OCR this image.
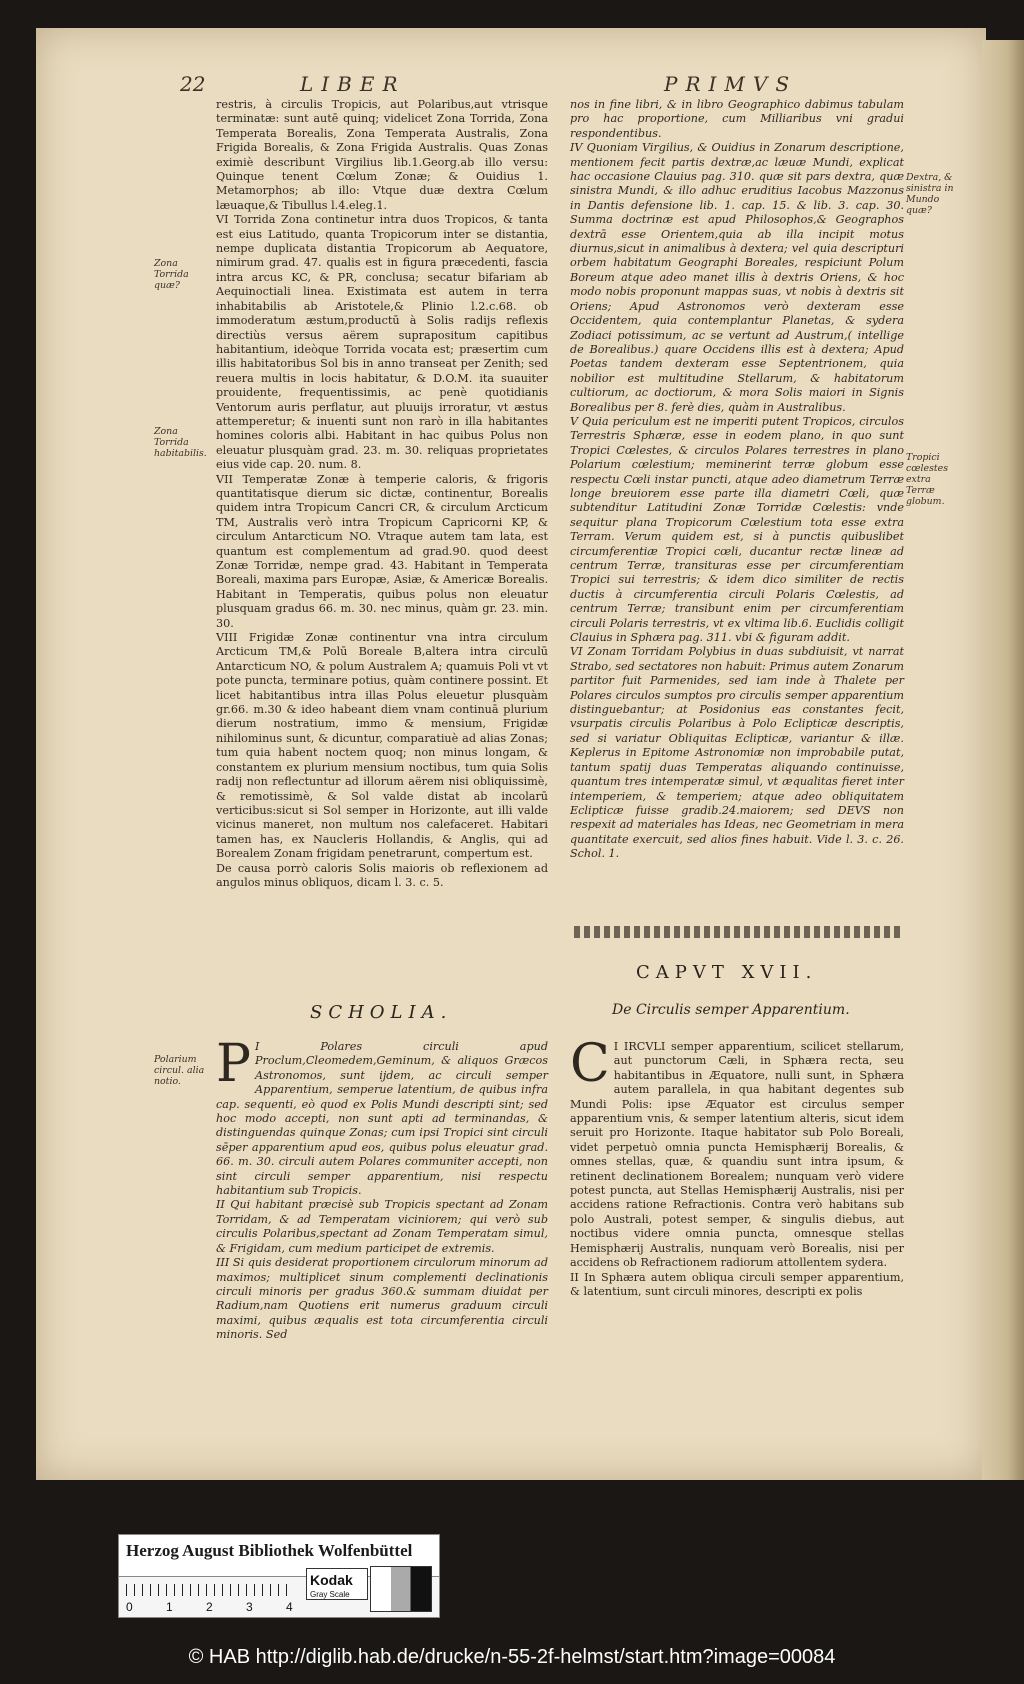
22	LIBER	PRIMVS

restris, à circulis Tropicis, aut Polaribus,aut vtrisque terminatæ: sunt autē quinq; videlicet Zona Torrida, Zona Temperata Borealis, Zona Temperata Australis, Zona Frigida Borealis, & Zona Frigida Australis. Quas Zonas eximiè describunt Virgilius lib.1.Georg.ab illo versu: Quinque tenent Cœlum Zonæ; & Ouidius 1. Metamorphos; ab illo: Vtque duæ dextra Cœlum læuaque,& Tibullus l.4.eleg.1.

VI Torrida Zona continetur intra duos Tropicos, & tanta est eius Latitudo, quanta Tropicorum inter se distantia, nempe duplicata distantia Tropicorum ab Aequatore, nimirum grad. 47. qualis est in figura præcedenti, fascia intra arcus KC, & PR, conclusa; secatur bifariam ab Aequinoctiali linea. Existimata est autem in terra inhabitabilis ab Aristotele,& Plinio l.2.c.68. ob immoderatum æstum,productū à Solis radijs reflexis directiùs versus aërem suprapositum capitibus habitantium, ideòque Torrida vocata est; præsertim cum illis habitatoribus Sol bis in anno transeat per Zenith; sed reuera multis in locis habitatur, & D.O.M. ita suauiter prouidente, frequentissimis, ac penè quotidianis Ventorum auris perflatur, aut pluuijs irroratur, vt æstus attemperetur; & inuenti sunt non rarò in illa habitantes homines coloris albi. Habitant in hac quibus Polus non eleuatur plusquàm grad. 23. m. 30. reliquas proprietates eius vide cap. 20. num. 8.

VII Temperatæ Zonæ à temperie caloris, & frigoris quantitatisque dierum sic dictæ, continentur, Borealis quidem intra Tropicum Cancri CR, & circulum Arcticum TM, Australis verò intra Tropicum Capricorni KP, & circulum Antarcticum NO. Vtraque autem tam lata, est quantum est complementum ad grad.90. quod deest Zonæ Torridæ, nempe grad. 43. Habitant in Temperata Boreali, maxima pars Europæ, Asiæ, & Americæ Borealis. Habitant in Temperatis, quibus polus non eleuatur plusquam gradus 66. m. 30. nec minus, quàm gr. 23. min. 30.

VIII Frigidæ Zonæ continentur vna intra circulum Arcticum TM,& Polū Boreale B,altera intra circulū Antarcticum NO, & polum Australem A; quamuis Poli vt vt pote puncta, terminare potius, quàm continere possint. Et licet habitantibus intra illas Polus eleuetur plusquàm gr.66. m.30 & ideo habeant diem vnam continuā plurium dierum nostratium, immo & mensium, Frigidæ nihilominus sunt, & dicuntur, comparatiuè ad alias Zonas; tum quia habent noctem quoq; non minus longam, & constantem ex plurium mensium noctibus, tum quia Solis radij non reflectuntur ad illorum aërem nisi obliquissimè, & remotissimè, & Sol valde distat ab incolarū verticibus:sicut si Sol semper in Horizonte, aut illi valde vicinus maneret, non multum nos calefaceret. Habitari tamen has, ex Naucleris Hollandis, & Anglis, qui ad Borealem Zonam frigidam penetrarunt, compertum est.

De causa porrò caloris Solis maioris ob reflexionem ad angulos minus obliquos, dicam l. 3. c. 5.

Zona Torrida quæ?
Zona Torrida habitabilis.
Polarium circul. alia notio.
SCHOLIA.
P I Polares circuli apud Proclum,Cleomedem,Geminum, & aliquos Græcos Astronomos, sunt ijdem, ac circuli semper Apparentium, semperue latentium, de quibus infra cap. sequenti, eò quod ex Polis Mundi descripti sint; sed hoc modo accepti, non sunt apti ad terminandas, & distinguendas quinque Zonas; cum ipsi Tropici sint circuli sēper apparentium apud eos, quibus polus eleuatur grad. 66. m. 30. circuli autem Polares communiter accepti, non sint circuli semper apparentium, nisi respectu habitantium sub Tropicis.
II Qui habitant præcisè sub Tropicis spectant ad Zonam Torridam, & ad Temperatam viciniorem; qui verò sub circulis Polaribus,spectant ad Zonam Temperatam simul, & Frigidam, cum medium participet de extremis.
III Si quis desiderat proportionem circulorum minorum ad maximos; multiplicet sinum complementi declinationis circuli minoris per gradus 360.& summam diuidat per Radium,nam Quotiens erit numerus graduum circuli maximi, quibus æqualis est tota circumferentia circuli minoris. Sed

nos in fine libri, & in libro Geographico dabimus tabulam pro hac proportione, cum Milliaribus vni gradui respondentibus.

IV Quoniam Virgilius, & Ouidius in Zonarum descriptione, mentionem fecit partis dextræ,ac læuæ Mundi, explicat hac occasione Clauius pag. 310. quæ sit pars dextra, quæ sinistra Mundi, & illo adhuc eruditius Iacobus Mazzonus in Dantis defensione lib. 1. cap. 15. & lib. 3. cap. 30. Summa doctrinæ est apud Philosophos,& Geographos dextrā esse Orientem,quia ab illa incipit motus diurnus,sicut in animalibus à dextera; vel quia descripturi orbem habitatum Geographi Boreales, respiciunt Polum Boreum atque adeo manet illis à dextris Oriens, & hoc modo nobis proponunt mappas suas, vt nobis à dextris sit Oriens; Apud Astronomos verò dexteram esse Occidentem, quia contemplantur Planetas, & sydera Zodiaci potissimum, ac se vertunt ad Austrum,( intellige de Borealibus.) quare Occidens illis est à dextera; Apud Poetas tandem dexteram esse Septentrionem, quia nobilior est multitudine Stellarum, & habitatorum cultiorum, ac doctiorum, & mora Solis maiori in Signis Borealibus per 8. ferè dies, quàm in Australibus.

V Quia periculum est ne imperiti putent Tropicos, circulos Terrestris Sphæræ, esse in eodem plano, in quo sunt Tropici Cœlestes, & circulos Polares terrestres in plano Polarium cœlestium; meminerint terræ globum esse respectu Cœli instar puncti, atque adeo diametrum Terræ longe breuiorem esse parte illa diametri Cœli, quæ subtenditur Latitudini Zonæ Torridæ Cœlestis: vnde sequitur plana Tropicorum Cœlestium tota esse extra Terram. Verum quidem est, si à punctis quibuslibet circumferentiæ Tropici cœli, ducantur rectæ lineæ ad centrum Terræ, transituras esse per circumferentiam Tropici sui terrestris; & idem dico similiter de rectis ductis à circumferentia circuli Polaris Cœlestis, ad centrum Terræ; transibunt enim per circumferentiam circuli Polaris terrestris, vt ex vltima lib.6. Euclidis colligit Clauius in Sphæra pag. 311. vbi & figuram addit.

VI Zonam Torridam Polybius in duas subdiuisit, vt narrat Strabo, sed sectatores non habuit: Primus autem Zonarum partitor fuit Parmenides, sed iam inde à Thalete per Polares circulos sumptos pro circulis semper apparentium distinguebantur; at Posidonius eas constantes fecit, vsurpatis circulis Polaribus à Polo Eclipticæ descriptis, sed si variatur Obliquitas Eclipticæ, variantur & illæ. Keplerus in Epitome Astronomiæ non improbabile putat, tantum spatij duas Temperatas aliquando continuisse, quantum tres intemperatæ simul, vt æqualitas fieret inter intemperiem, & temperiem; atque adeo obliquitatem Eclipticæ fuisse gradib.24.maiorem; sed DEVS non respexit ad materiales has Ideas, nec Geometriam in mera quantitate exercuit, sed alios fines habuit. Vide l. 3. c. 26. Schol. 1.

Dextra, & sinistra in Mundo quæ?
Tropici cœlestes extra Terræ globum.
CAPVT XVII.
De Circulis semper Apparentium.
C I IRCVLI semper apparentium, scilicet stellarum, aut punctorum Cæli, in Sphæra recta, seu habitantibus in Æquatore, nulli sunt, in Sphæra autem parallela, in qua habitant degentes sub Mundi Polis: ipse Æquator est circulus semper apparentium vnis, & semper latentium alteris, sicut idem seruit pro Horizonte. Itaque habitator sub Polo Boreali, videt perpetuò omnia puncta Hemisphærij Borealis, & omnes stellas, quæ, & quandiu sunt intra ipsum, & retinent declinationem Borealem; nunquam verò videre potest puncta, aut Stellas Hemisphærij Australis, nisi per accidens ratione Refractionis. Contra verò habitans sub polo Australi, potest semper, & singulis diebus, aut noctibus videre omnia puncta, omnesque stellas Hemisphærij Australis, nunquam verò Borealis, nisi per accidens ob Refractionem radiorum attollentem sydera.
II In Sphæra autem obliqua circuli semper apparentium, & latentium, sunt circuli minores, descripti ex polis
Herzog August Bibliothek Wolfenbüttel
0	1	2	3	4
Kodak
Gray Scale
© HAB http://diglib.hab.de/drucke/n-55-2f-helmst/start.htm?image=00084
